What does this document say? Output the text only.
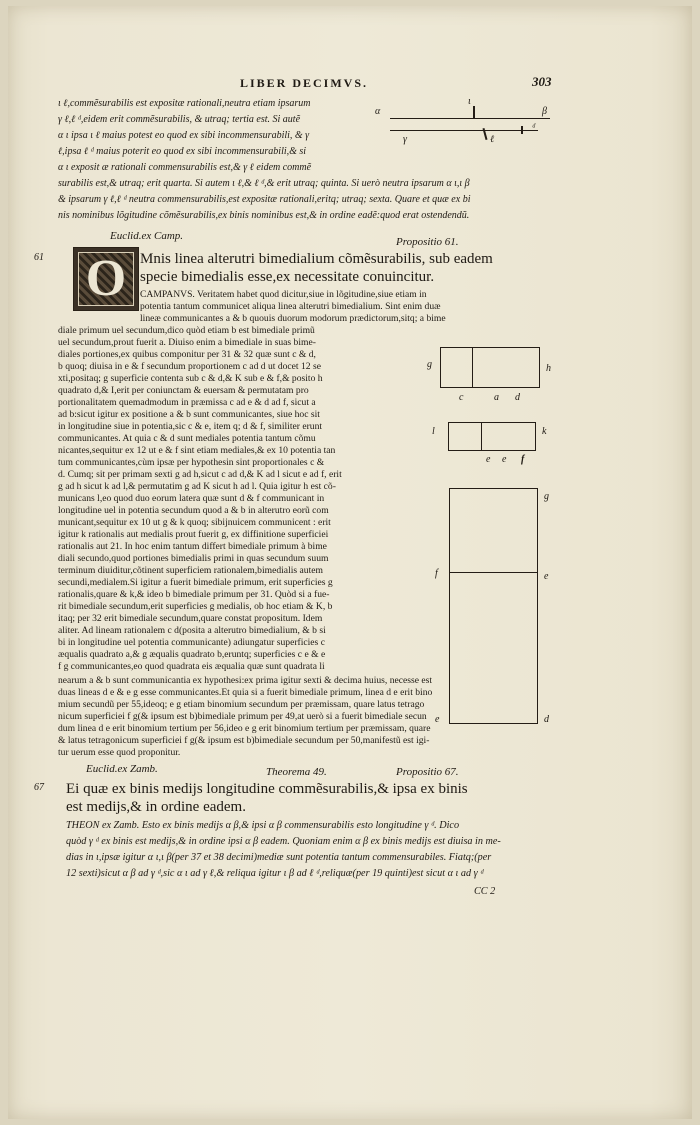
LIBER DECIMVS.	303
ι ℓ,commẽsurabilis est expositæ rationali,neutra etiam ipsarum
γ ℓ,ℓ ᵈ,eidem erit commẽsurabilis, & utraq; tertia est. Si autẽ
α ι ipsa ι ℓ maius potest eo quod ex sibi incommensurabili, & γ
ℓ,ipsa ℓ ᵈ maius poterit eo quod ex sibi incommensurabili,& si
α ι exposit æ rationali commensurabilis est,& γ ℓ eidem commẽ
surabilis est,& utraq; erit quarta. Si autem ι ℓ,& ℓ ᵈ,& erit utraq; quinta. Si uerò neutra ipsarum α ι,ι β
& ipsarum γ ℓ,ℓ ᵈ neutra commensurabilis,est expositæ rationali,eritq; utraq; sexta. Quare et quæ ex bi
nis nominibus lõgitudine cõmẽsurabilis,ex binis nominibus est,& in ordine eadẽ:quod erat ostendendũ.
α
ι
β
γ	ℓ
ᵈ
Euclid.ex Camp.	Propositio 61.
61 O Mnis linea alterutri bimedialium cõmẽsurabilis, sub eadem
specie bimedialis esse,ex necessitate conuincitur.
CAMPANVS. Veritatem habet quod dicitur,siue in lõgitudine,siue etiam in
potentia tantum communicet aliqua linea alterutri bimedialium. Sint enim duæ
lineæ communicantes a & b quouis duorum modorum prædictorum,sitq; a bime
diale primum uel secundum,dico quòd etiam b est bimediale primũ
uel secundum,prout fuerit a. Diuiso enim a bimediale in suas bime-
diales portiones,ex quibus componitur per 31 & 32 quæ sunt c & d,
b quoq; diuisa in e & f secundum proportionem c ad d ut docet 12 se
xti,positaq; g superficie contenta sub c & d,& K sub e & f,& posito h
quadrato d,& I,erit per coniunctam & euersam & permutatam pro
portionalitatem quemadmodum in præmissa c ad e & d ad f, sicut a
ad b:sicut igitur ex positione a & b sunt communicantes, siue hoc sit
in longitudine siue in potentia,sic c & e, item q; d & f, similiter erunt
communicantes. At quia c & d sunt mediales potentia tantum cõmu
nicantes,sequitur ex 12 ut e & f sint etiam mediales,& ex 10 potentia tan
tum communicantes,cùm ipsæ per hypothesin sint proportionales c &
d. Cumq; sit per primam sexti g ad h,sicut c ad d,& K ad l sicut e ad f, erit
g ad h sicut k ad l,& permutatim g ad K sicut h ad l. Quia igitur h est cõ-
municans l,eo quod duo eorum latera quæ sunt d & f communicant in
longitudine uel in potentia secundum quod a & b in alterutro eorũ com
municant,sequitur ex 10 ut g & k quoq; sibijnuicem communicent : erit
igitur k rationalis aut medialis prout fuerit g, ex diffinitione superficiei
rationalis aut 21. In hoc enim tantum differt bimediale primum à bime
diali secundo,quod portiones bimedialis primi in quas secundum suum
terminum diuiditur,cõtinent superficiem rationalem,bimedialis autem
secundi,medialem.Si igitur a fuerit bimediale primum, erit superficies g
rationalis,quare & k,& ideo b bimediale primum per 31. Quòd si a fue-
rit bimediale secundum,erit superficies g medialis, ob hoc etiam & K, b
itaq; per 32 erit bimediale secundum,quare constat propositum. Idem
aliter. Ad lineam rationalem c d(posita a alterutro bimedialium, & b si
bi in longitudine uel potentia communicante) adiungatur superficies c
æqualis quadrato a,& g æqualis quadrato b,eruntq; superficies c e & e
f g communicantes,eo quod quadrata eis æqualia quæ sunt quadrata li
nearum a & b sunt communicantia ex hypothesi:ex prima igitur sexti & decima huius, necesse est
duas lineas d e & e g esse communicantes.Et quia si a fuerit bimediale primum, linea d e erit bino
mium secundũ per 55,ideoq; e g etiam binomium secundum per præmissam, quare latus tetrago
nicum superficiei f g(& ipsum est b)bimediale primum per 49,at uerò si a fuerit bimediale secun
dum linea d e erit binomium tertium per 56,ideo e g erit binomium tertium per præmissam, quare
& latus tetragonicum superficiei f g(& ipsum est b)bimediale secundum per 50,manifestũ est igi-
tur uerum esse quod proponitur.
g	h
c	a d
l	k
e	f
e
g
e
f
d
e
Euclid.ex Zamb.	Theorema 49.	Propositio 67.
67 Ei quæ ex binis medijs longitudine commẽsurabilis,& ipsa ex binis
est medijs,& in ordine eadem.
THEON ex Zamb. Esto ex binis medijs α β,& ipsi α β commensurabilis esto longitudine γ ᵈ. Dico
quòd γ ᵈ ex binis est medijs,& in ordine ipsi α β eadem. Quoniam enim α β ex binis medijs est diuisa in me-
dias in ι,ipsæ igitur α ι,ι β(per 37 et 38 decimi)mediæ sunt potentia tantum commensurabiles. Fiatq;(per
12 sexti)sicut α β ad γ ᵈ,sic α ι ad γ ℓ,& reliqua igitur ι β ad ℓ ᵈ,reliquæ(per 19 quinti)est sicut α ι ad γ ᵈ
ϹϹ 2
